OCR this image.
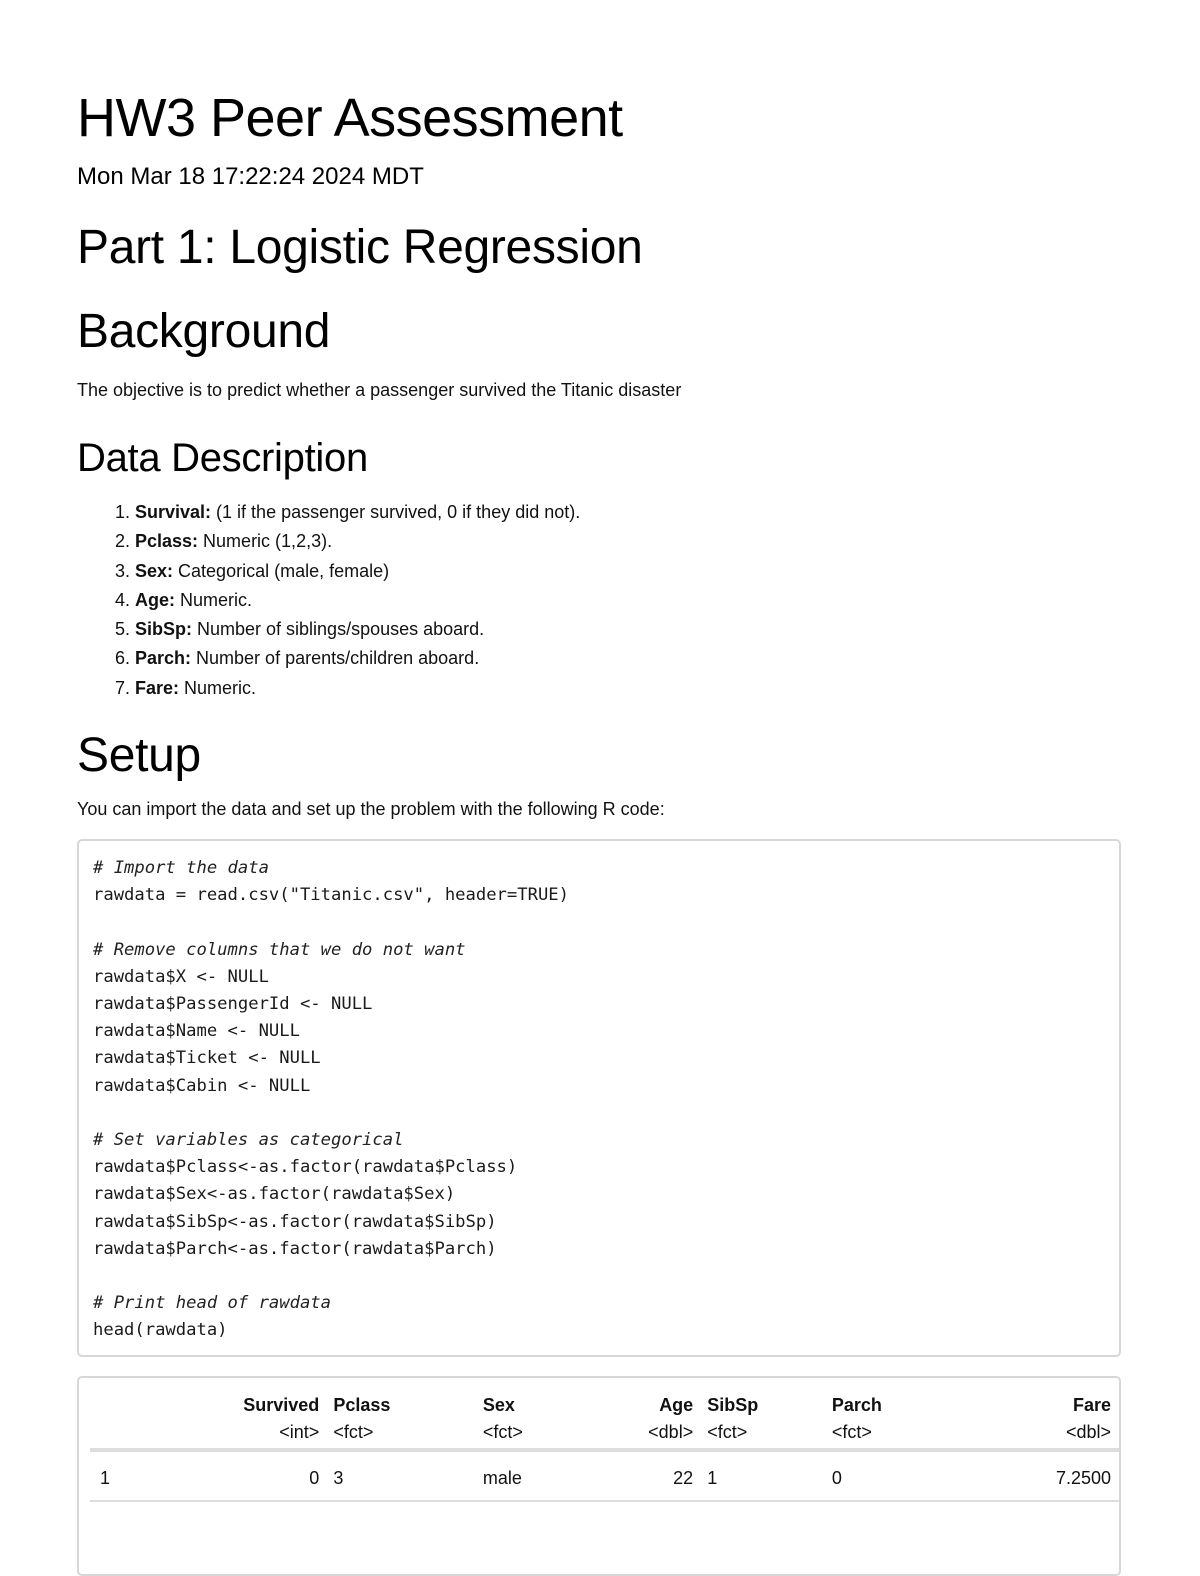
HW3 Peer Assessment

Mon Mar 18 17:22:24 2024 MDT

Part 1: Logistic Regression
Background

The objective is to predict whether a passenger survived the Titanic disaster

Data Description
1. Survival: (1 if the passenger survived, 0 if they did not).
2. Pclass: Numeric (1,2,3).
3. Sex: Categorical (male, female)
4. Age: Numeric.
5. SibSp: Number of siblings/spouses aboard.
6. Parch: Number of parents/children aboard.
7. Fare: Numeric.
Setup

You can import the data and set up the problem with the following R code:

# Import the data
rawdata = read.csv("Titanic.csv", header=TRUE)

# Remove columns that we do not want
rawdata$X <- NULL
rawdata$PassengerId <- NULL
rawdata$Name <- NULL
rawdata$Ticket <- NULL
rawdata$Cabin <- NULL

# Set variables as categorical
rawdata$Pclass<-as.factor(rawdata$Pclass)
rawdata$Sex<-as.factor(rawdata$Sex)
rawdata$SibSp<-as.factor(rawdata$SibSp)
rawdata$Parch<-as.factor(rawdata$Parch)

# Print head of rawdata
head(rawdata)
	Survived	Pclass	Sex	Age	SibSp	Parch	Fare
	<int>	<fct>	<fct>	<dbl>	<fct>	<fct>	<dbl>
1	0	3	male	22	1	0	7.2500
